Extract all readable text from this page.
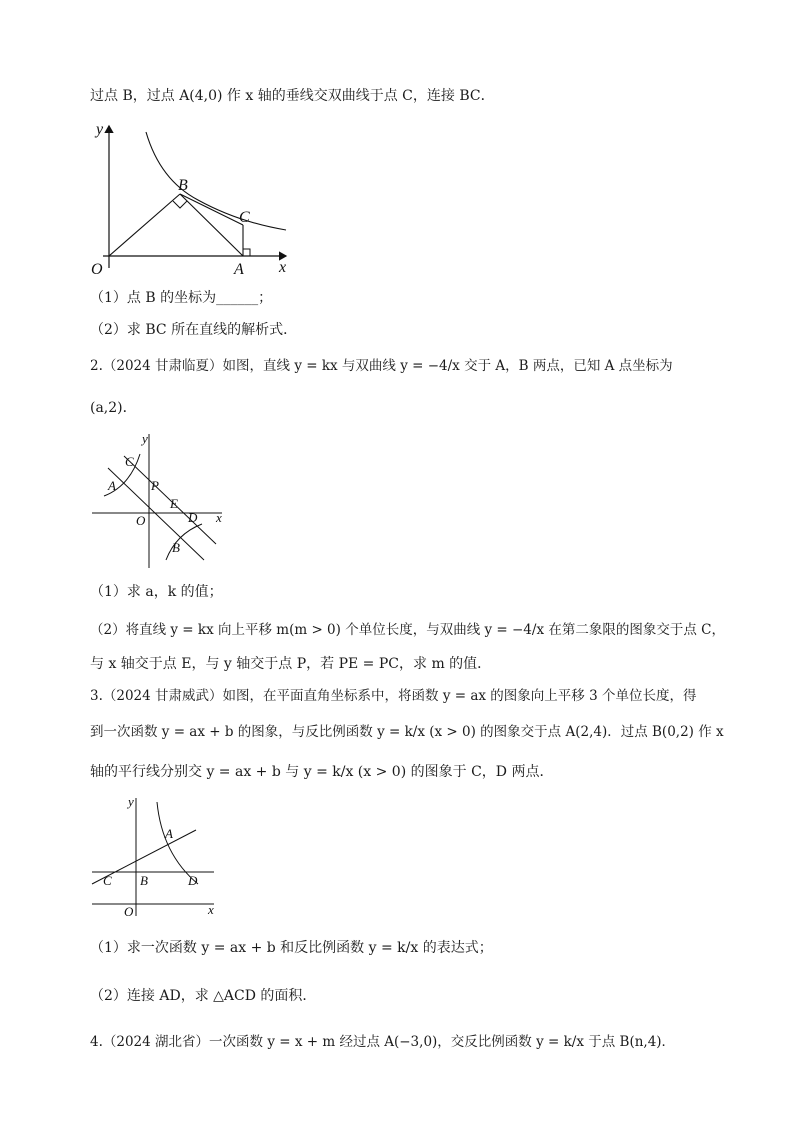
过点 B，过点 A(4,0) 作 x 轴的垂线交双曲线于点 C，连接 BC．
y
x
O	A
B
C
（1）点 B 的坐标为______；
（2）求 BC 所在直线的解析式．
2.（2024 甘肃临夏）如图，直线 y = kx 与双曲线 y = −4/x 交于 A，B 两点，已知 A 点坐标为
(a,2)．
y
x
O
A
B
C
D
E
P
（1）求 a，k 的值；
（2）将直线 y = kx 向上平移 m(m > 0) 个单位长度，与双曲线 y = −4/x 在第二象限的图象交于点 C，
与 x 轴交于点 E，与 y 轴交于点 P，若 PE = PC，求 m 的值．
3.（2024 甘肃威武）如图，在平面直角坐标系中，将函数 y = ax 的图象向上平移 3 个单位长度，得
到一次函数 y = ax + b 的图象，与反比例函数 y = k/x (x > 0) 的图象交于点 A(2,4)．过点 B(0,2) 作 x
轴的平行线分别交 y = ax + b 与 y = k/x (x > 0) 的图象于 C，D 两点．
y
x
O
A
B
C	D
（1）求一次函数 y = ax + b 和反比例函数 y = k/x 的表达式；
（2）连接 AD，求 △ACD 的面积．
4.（2024 湖北省）一次函数 y = x + m 经过点 A(−3,0)，交反比例函数 y = k/x 于点 B(n,4)．
